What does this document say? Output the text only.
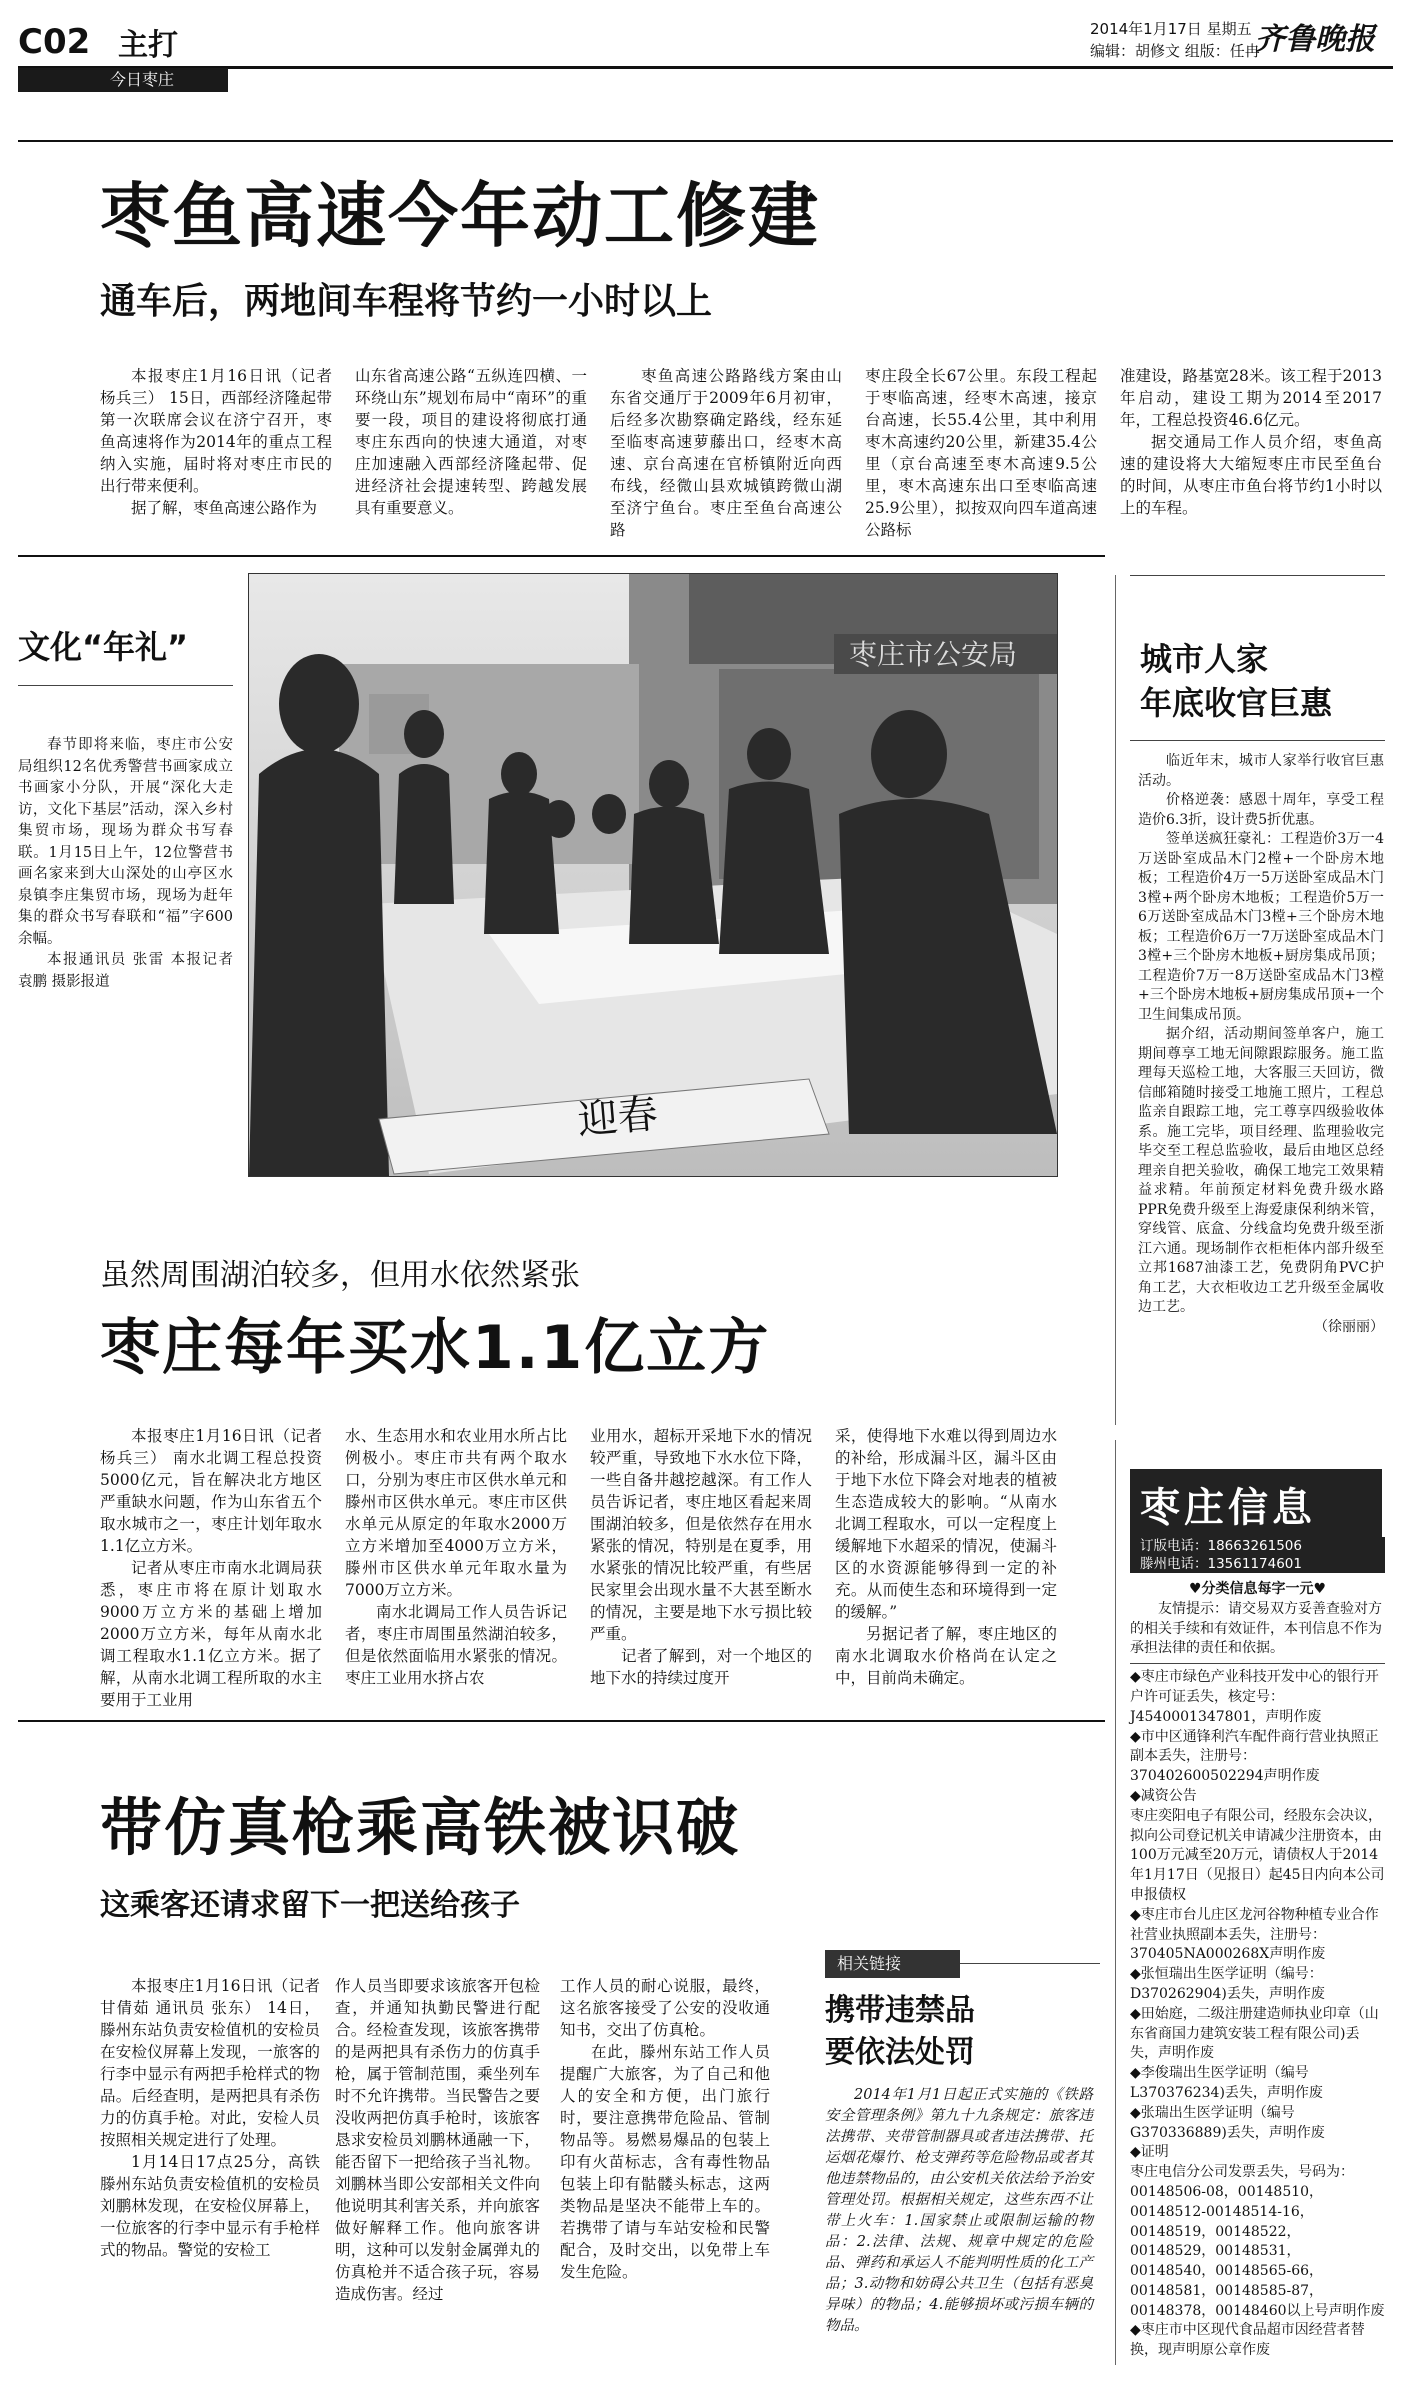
C02 主打
今日枣庄
2014年1月17日 星期五
编辑：胡修文 组版：任冉
齐鲁晚报
枣鱼高速今年动工修建
通车后，两地间车程将节约一小时以上

本报枣庄1月16日讯（记者 杨兵三） 15日，西部经济隆起带第一次联席会议在济宁召开，枣鱼高速将作为2014年的重点工程纳入实施，届时将对枣庄市民的出行带来便利。

据了解，枣鱼高速公路作为

山东省高速公路“五纵连四横、一环绕山东”规划布局中“南环”的重要一段，项目的建设将彻底打通枣庄东西向的快速大通道，对枣庄加速融入西部经济隆起带、促进经济社会提速转型、跨越发展具有重要意义。

枣鱼高速公路路线方案由山东省交通厅于2009年6月初审，后经多次勘察确定路线，经东延至临枣高速萝藤出口，经枣木高速、京台高速在官桥镇附近向西布线，经微山县欢城镇跨微山湖至济宁鱼台。枣庄至鱼台高速公路

枣庄段全长67公里。东段工程起于枣临高速，经枣木高速，接京台高速，长55.4公里，其中利用枣木高速约20公里，新建35.4公里（京台高速至枣木高速9.5公里，枣木高速东出口至枣临高速25.9公里），拟按双向四车道高速公路标

准建设，路基宽28米。该工程于2013年启动，建设工期为2014至2017年，工程总投资46.6亿元。

据交通局工作人员介绍，枣鱼高速的建设将大大缩短枣庄市民至鱼台的时间，从枣庄市鱼台将节约1小时以上的车程。

文化“年礼”

春节即将来临，枣庄市公安局组织12名优秀警营书画家成立书画家小分队，开展“深化大走访，文化下基层”活动，深入乡村集贸市场，现场为群众书写春联。1月15日上午，12位警营书画名家来到大山深处的山亭区水泉镇李庄集贸市场，现场为赶年集的群众书写春联和“福”字600余幅。

本报通讯员 张雷 本报记者 袁鹏 摄影报道

迎春
枣庄市公安局	城市人家
年底收官巨惠

临近年末，城市人家举行收官巨惠活动。

价格逆袭：感恩十周年，享受工程造价6.3折，设计费5折优惠。

签单送疯狂豪礼：工程造价3万一4万送卧室成品木门2樘+一个卧房木地板；工程造价4万一5万送卧室成品木门3樘+两个卧房木地板；工程造价5万一6万送卧室成品木门3樘+三个卧房木地板；工程造价6万一7万送卧室成品木门3樘+三个卧房木地板+厨房集成吊顶；工程造价7万一8万送卧室成品木门3樘+三个卧房木地板+厨房集成吊顶+一个卫生间集成吊顶。

据介绍，活动期间签单客户，施工期间尊享工地无间隙跟踪服务。施工监理每天巡检工地，大客服三天回访，微信邮箱随时接受工地施工照片，工程总监亲自跟踪工地，完工尊享四级验收体系。施工完毕，项目经理、监理验收完毕交至工程总监验收，最后由地区总经理亲自把关验收，确保工地完工效果精益求精。年前预定材料免费升级水路PPR免费升级至上海爱康保利纳米管，穿线管、底盒、分线盒均免费升级至浙江六通。现场制作衣柜柜体内部升级至立邦1687油漆工艺，免费阴角PVC护角工艺，大衣柜收边工艺升级至金属收边工艺。

（徐丽丽）

虽然周围湖泊较多，但用水依然紧张
枣庄每年买水1.1亿立方

本报枣庄1月16日讯（记者 杨兵三） 南水北调工程总投资5000亿元，旨在解决北方地区严重缺水问题，作为山东省五个取水城市之一，枣庄计划年取水1.1亿立方米。

记者从枣庄市南水北调局获悉，枣庄市将在原计划取水9000万立方米的基础上增加2000万立方米，每年从南水北调工程取水1.1亿立方米。据了解，从南水北调工程所取的水主要用于工业用

水、生态用水和农业用水所占比例极小。枣庄市共有两个取水口，分别为枣庄市区供水单元和滕州市区供水单元。枣庄市区供水单元从原定的年取水2000万立方米增加至4000万立方米，滕州市区供水单元年取水量为7000万立方米。

南水北调局工作人员告诉记者，枣庄市周围虽然湖泊较多，但是依然面临用水紧张的情况。枣庄工业用水挤占农

业用水，超标开采地下水的情况较严重，导致地下水水位下降，一些自备井越挖越深。有工作人员告诉记者，枣庄地区看起来周围湖泊较多，但是依然存在用水紧张的情况，特别是在夏季，用水紧张的情况比较严重，有些居民家里会出现水量不大甚至断水的情况，主要是地下水亏损比较严重。

记者了解到，对一个地区的地下水的持续过度开

采，使得地下水难以得到周边水的补给，形成漏斗区，漏斗区由于地下水位下降会对地表的植被生态造成较大的影响。“从南水北调工程取水，可以一定程度上缓解地下水超采的情况，使漏斗区的水资源能够得到一定的补充。从而使生态和环境得到一定的缓解。”

另据记者了解，枣庄地区的南水北调取水价格尚在认定之中，目前尚未确定。

带仿真枪乘高铁被识破
这乘客还请求留下一把送给孩子

本报枣庄1月16日讯（记者 甘倩茹 通讯员 张东） 14日，滕州东站负责安检值机的安检员在安检仪屏幕上发现，一旅客的行李中显示有两把手枪样式的物品。后经查明，是两把具有杀伤力的仿真手枪。对此，安检人员按照相关规定进行了处理。

1月14日17点25分，高铁滕州东站负责安检值机的安检员刘鹏林发现，在安检仪屏幕上，一位旅客的行李中显示有手枪样式的物品。警觉的安检工

作人员当即要求该旅客开包检查，并通知执勤民警进行配合。经检查发现，该旅客携带的是两把具有杀伤力的仿真手枪，属于管制范围，乘坐列车时不允许携带。当民警告之要没收两把仿真手枪时，该旅客恳求安检员刘鹏林通融一下，能否留下一把给孩子当礼物。刘鹏林当即公安部相关文件向他说明其利害关系，并向旅客做好解释工作。他向旅客讲明，这种可以发射金属弹丸的仿真枪并不适合孩子玩，容易造成伤害。经过

工作人员的耐心说服，最终，这名旅客接受了公安的没收通知书，交出了仿真枪。

在此，滕州东站工作人员提醒广大旅客，为了自己和他人的安全和方便，出门旅行时，要注意携带危险品、管制物品等。易燃易爆品的包装上印有火苗标志，含有毒性物品包装上印有骷髅头标志，这两类物品是坚决不能带上车的。若携带了请与车站安检和民警配合，及时交出，以免带上车发生危险。

相关链接
携带违禁品
要依法处罚

2014年1月1日起正式实施的《铁路安全管理条例》第九十九条规定：旅客违法携带、夹带管制器具或者违法携带、托运烟花爆竹、枪支弹药等危险物品或者其他违禁物品的，由公安机关依法给予治安管理处罚。根据相关规定，这些东西不让带上火车：1.国家禁止或限制运输的物品：2.法律、法规、规章中规定的危险品、弹药和承运人不能判明性质的化工产品；3.动物和妨碍公共卫生（包括有恶臭异味）的物品；4.能够损坏或污损车辆的物品。

枣庄信息
订版电话：18663261506
滕州电话：13561174601

♥分类信息每字一元♥

友情提示：请交易双方妥善查验对方的相关手续和有效证件，本刊信息不作为承担法律的责任和依据。

◆枣庄市绿色产业科技开发中心的银行开户许可证丢失，核定号：J4540001347801，声明作废

◆市中区通锋利汽车配件商行营业执照正副本丢失，注册号：370402600502294声明作废

◆减资公告

枣庄奕阳电子有限公司，经股东会决议，拟向公司登记机关申请减少注册资本，由100万元减至20万元，请债权人于2014年1月17日（见报日）起45日内向本公司申报债权

◆枣庄市台儿庄区龙河谷物种植专业合作社营业执照副本丢失，注册号：370405NA000268X声明作废

◆张恒瑞出生医学证明（编号：D370262904)丢失，声明作废

◆田始庭，二级注册建造师执业印章（山东省商国力建筑安装工程有限公司)丢失，声明作废

◆李俊瑞出生医学证明（编号L370376234)丢失，声明作废

◆张瑞出生医学证明（编号G370336889)丢失，声明作废

◆证明

枣庄电信分公司发票丢失，号码为：00148506-08，00148510，00148512-00148514-16，00148519，00148522，00148529，00148531，00148540，00148565-66，00148581，00148585-87，00148378，00148460以上号声明作废

◆枣庄市中区现代食品超市因经营者替换，现声明原公章作废
